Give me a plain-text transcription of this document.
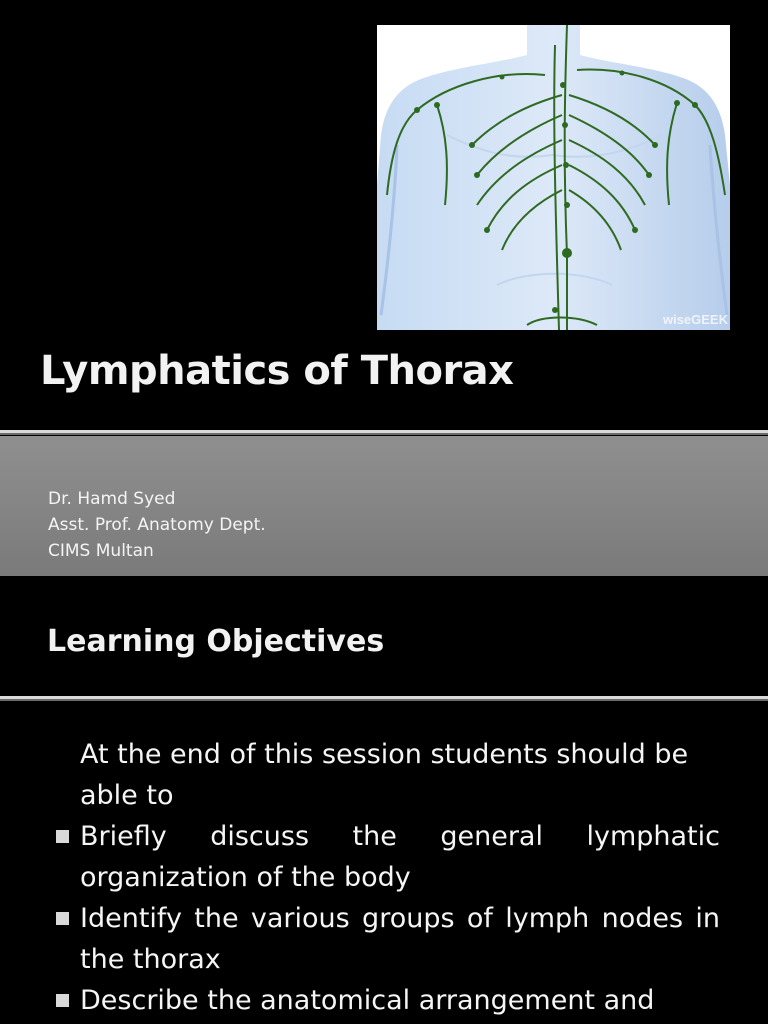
wiseGEEK
Lymphatics of Thorax
Dr. Hamd Syed
Asst. Prof. Anatomy Dept.
CIMS Multan
Learning Objectives

At the end of this session students should be able to

Briefly discuss the general lymphatic organization of the body

Identify the various groups of lymph nodes in the thorax

Describe the anatomical arrangement and
